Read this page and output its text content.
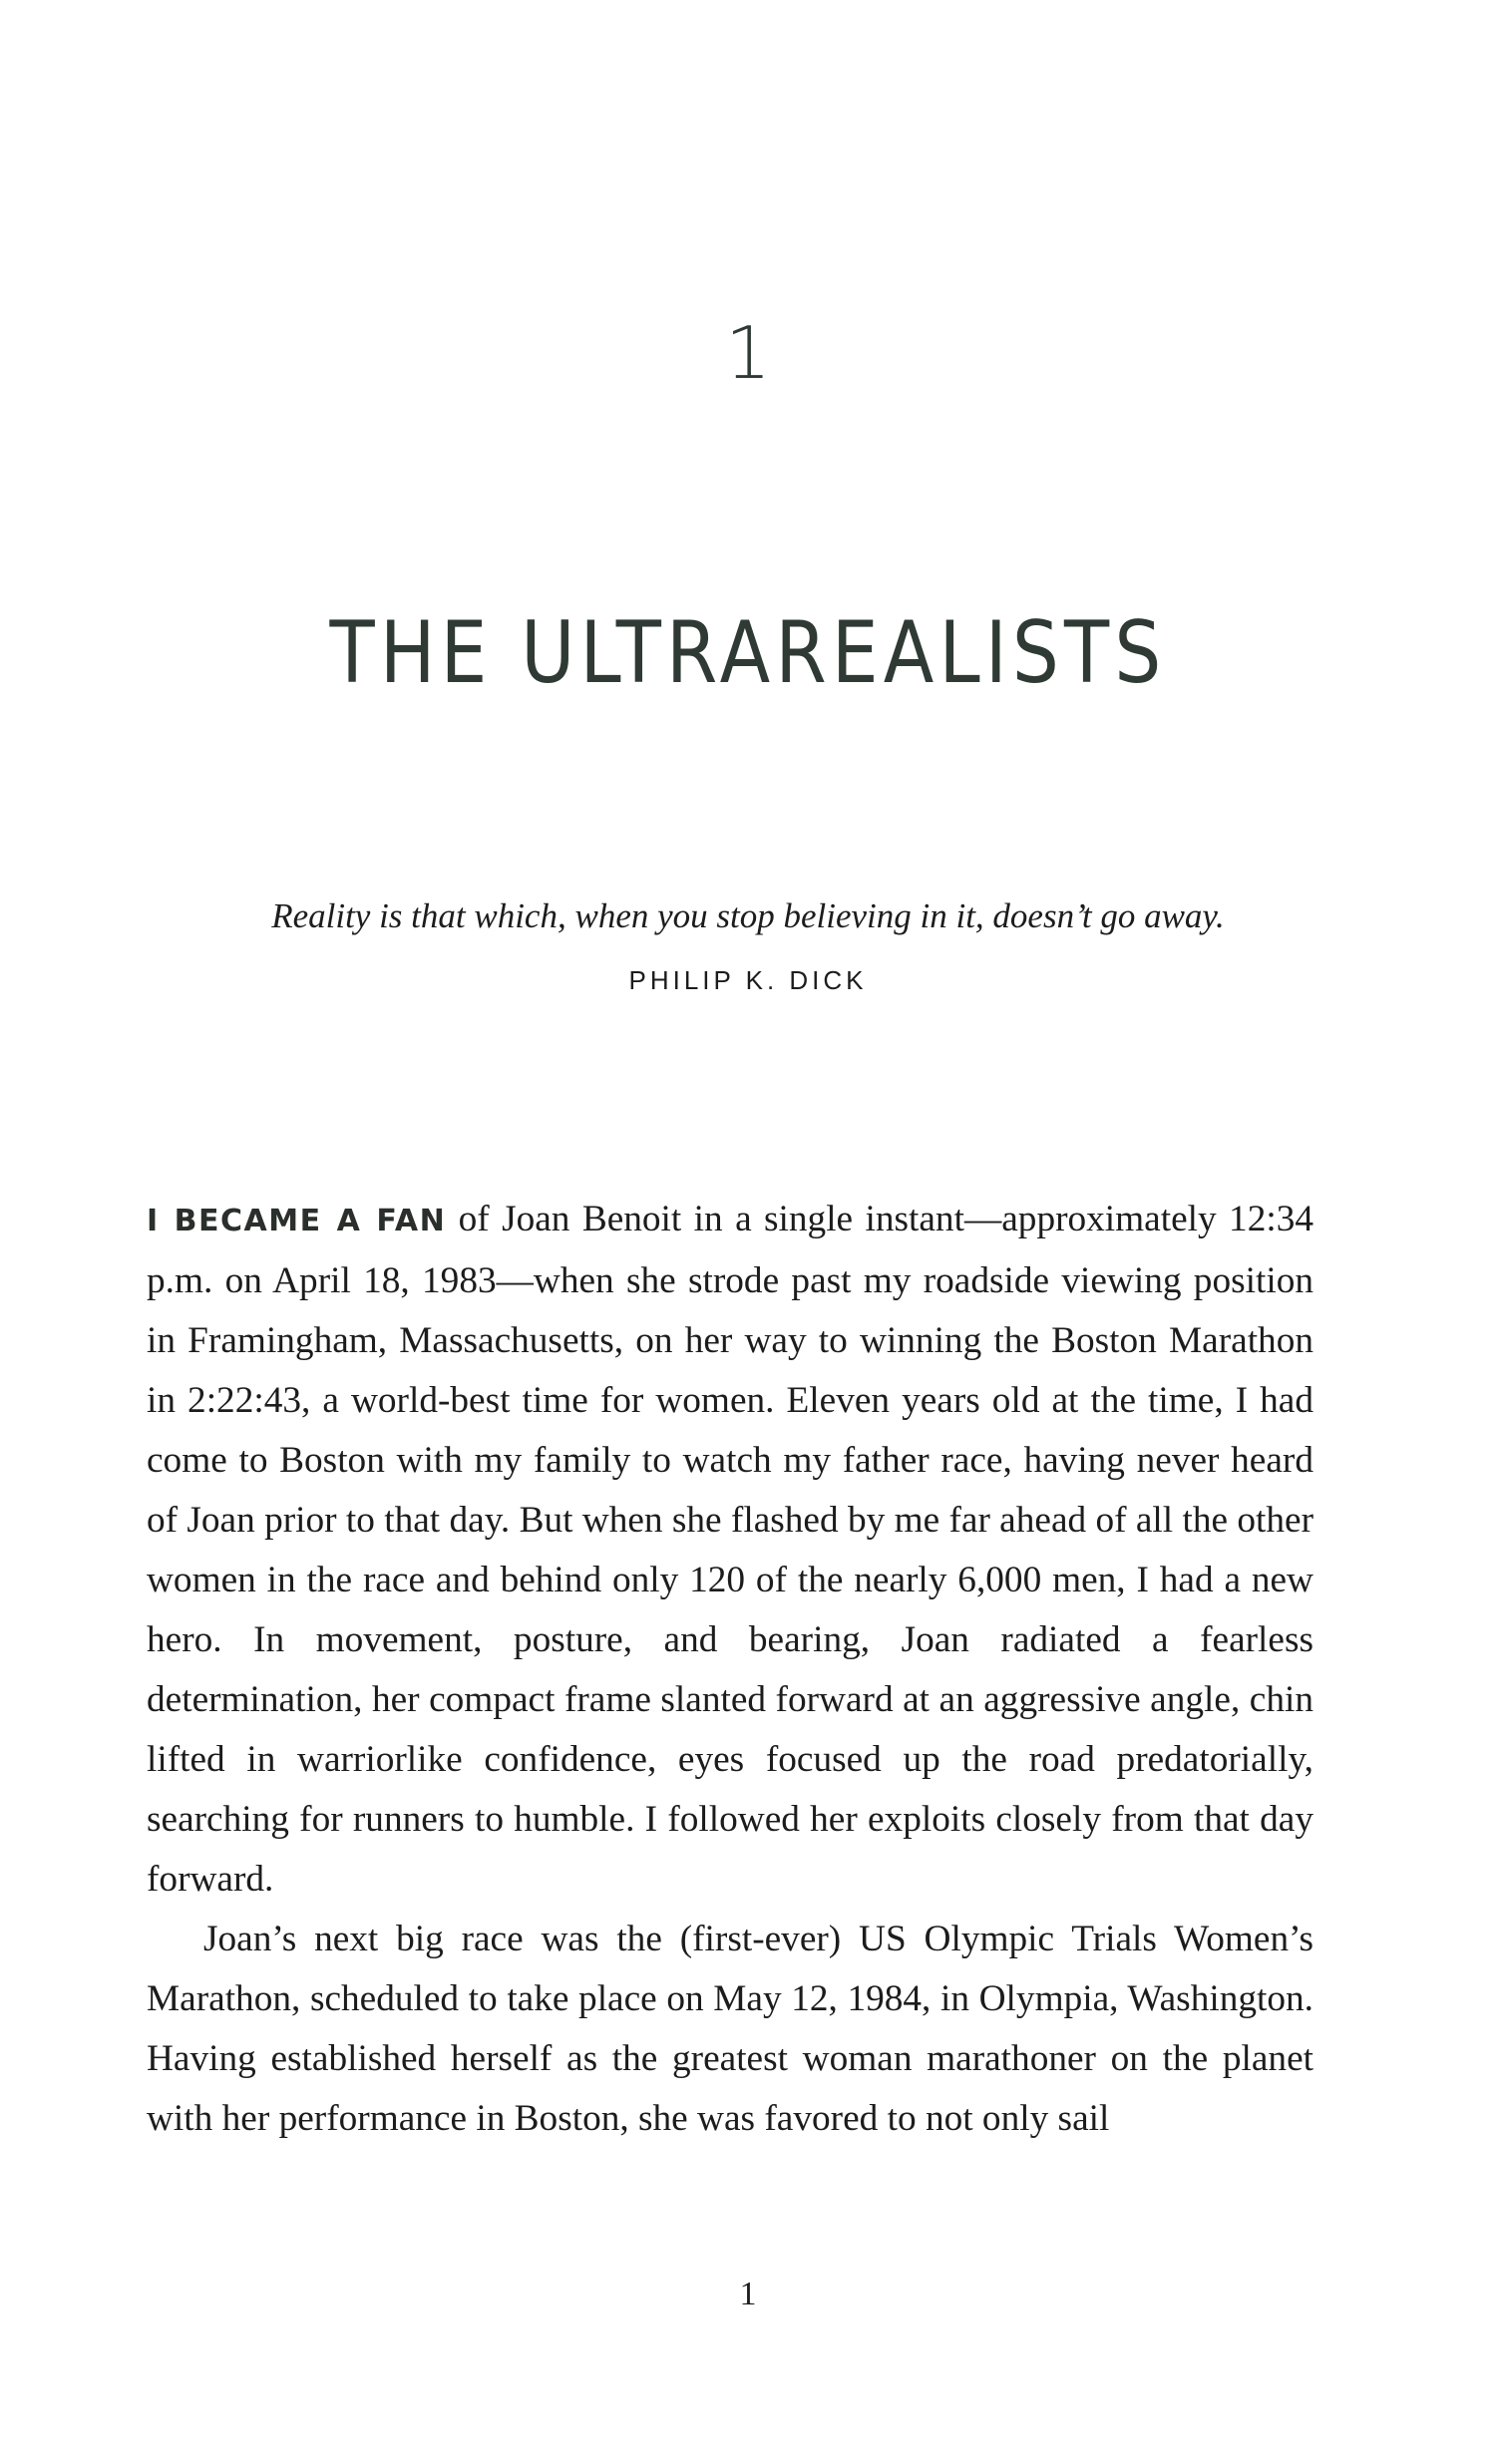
1
THE ULTRAREALISTS
Reality is that which, when you stop believing in it, doesn’t go away.
PHILIP K. DICK

I BECAME A FAN of Joan Benoit in a single instant—approximately 12:34 p.m. on April 18, 1983—when she strode past my roadside viewing position in Framingham, Massachusetts, on her way to winning the Boston Marathon in 2:22:43, a world-best time for women. Eleven years old at the time, I had come to Boston with my family to watch my father race, having never heard of Joan prior to that day. But when she flashed by me far ahead of all the other women in the race and behind only 120 of the nearly 6,000 men, I had a new hero. In movement, posture, and bearing, Joan radiated a fearless determination, her compact frame slanted forward at an aggressive angle, chin lifted in warriorlike confidence, eyes focused up the road predatorially, searching for runners to humble. I followed her exploits closely from that day forward.

Joan’s next big race was the (first-ever) US Olympic Trials Women’s Marathon, scheduled to take place on May 12, 1984, in Olympia, Washington. Having established herself as the greatest woman marathoner on the planet with her performance in Boston, she was favored to not only sail

1
